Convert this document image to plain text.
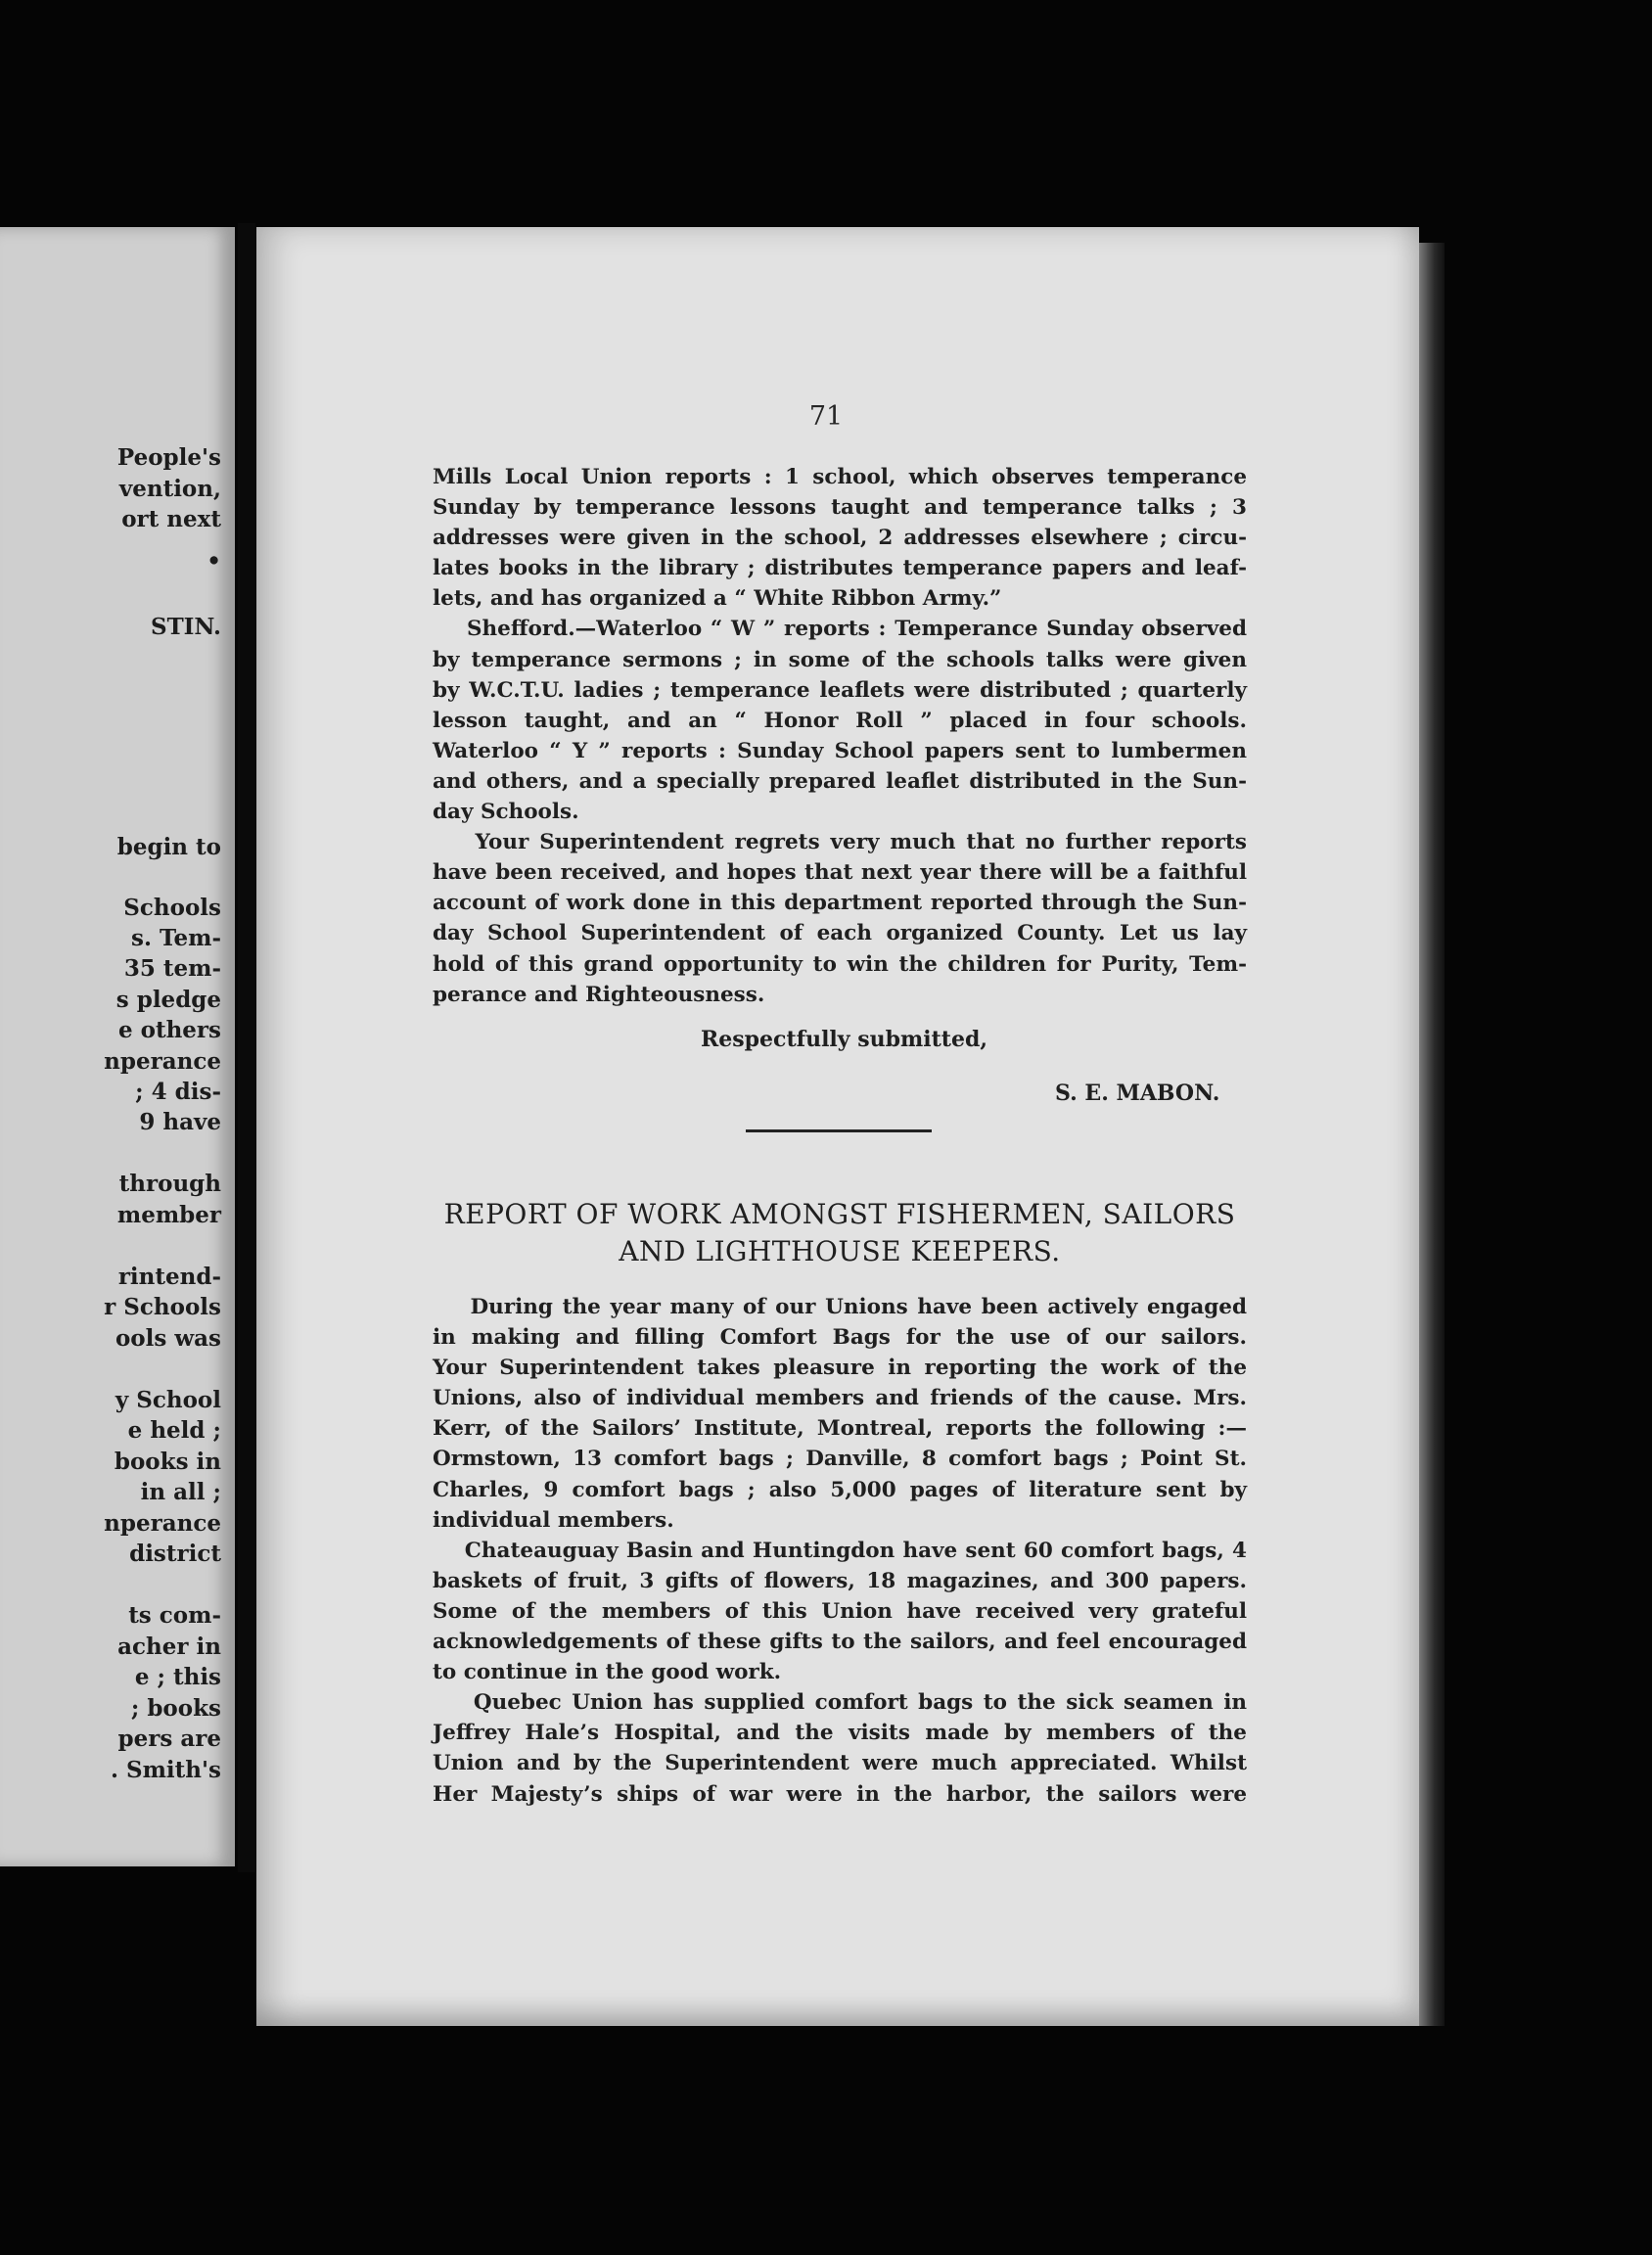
People's

vention,

ort next

•

STIN.

begin to

Schools

s. Tem-

35 tem-

s pledge

e others

nperance

; 4 dis-

9 have

through

member

rintend-

r Schools

ools was

y School

e held ;

books in

in all ;

nperance

district

ts com-

acher in

e ; this

; books

pers are

. Smith's

71

Mills Local Union reports : 1 school, which observes temperance

Sunday by temperance lessons taught and temperance talks ; 3

addresses were given in the school, 2 addresses elsewhere ; circu-

lates books in the library ; distributes temperance papers and leaf-

lets, and has organized a “ White Ribbon Army.”

Shefford.—Waterloo “ W ” reports : Temperance Sunday observed

by temperance sermons ; in some of the schools talks were given

by W.C.T.U. ladies ; temperance leaflets were distributed ; quarterly

lesson taught, and an “ Honor Roll ” placed in four schools.

Waterloo “ Y ” reports : Sunday School papers sent to lumbermen

and others, and a specially prepared leaflet distributed in the Sun-

day Schools.

Your Superintendent regrets very much that no further reports

have been received, and hopes that next year there will be a faithful

account of work done in this department reported through the Sun-

day School Superintendent of each organized County. Let us lay

hold of this grand opportunity to win the children for Purity, Tem-

perance and Righteousness.

Respectfully submitted,

S. E. MABON.

REPORT OF WORK AMONGST FISHERMEN, SAILORS
AND LIGHTHOUSE KEEPERS.

During the year many of our Unions have been actively engaged

in making and filling Comfort Bags for the use of our sailors.

Your Superintendent takes pleasure in reporting the work of the

Unions, also of individual members and friends of the cause. Mrs.

Kerr, of the Sailors’ Institute, Montreal, reports the following :—

Ormstown, 13 comfort bags ; Danville, 8 comfort bags ; Point St.

Charles, 9 comfort bags ; also 5,000 pages of literature sent by

individual members.

Chateauguay Basin and Huntingdon have sent 60 comfort bags, 4

baskets of fruit, 3 gifts of flowers, 18 magazines, and 300 papers.

Some of the members of this Union have received very grateful

acknowledgements of these gifts to the sailors, and feel encouraged

to continue in the good work.

Quebec Union has supplied comfort bags to the sick seamen in

Jeffrey Hale’s Hospital, and the visits made by members of the

Union and by the Superintendent were much appreciated. Whilst

Her Majesty’s ships of war were in the harbor, the sailors were
